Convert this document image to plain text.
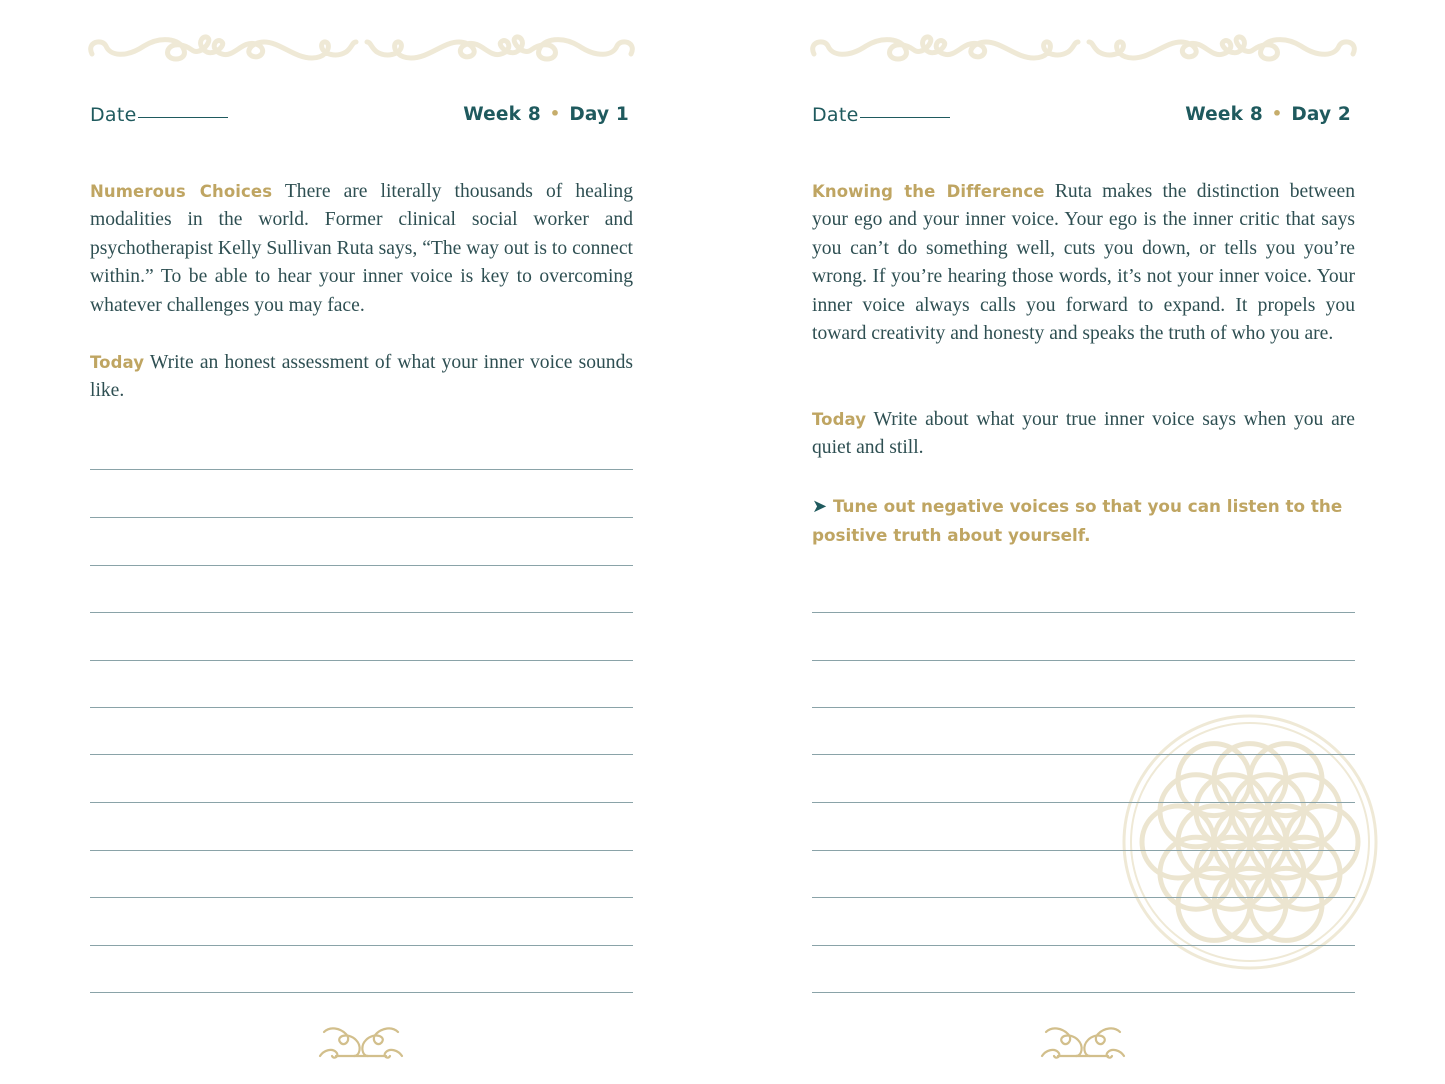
Date	Week 8 • Day 1
Numerous Choices There are literally thousands of healing modalities in the world. Former clinical social worker and psychotherapist Kelly Sullivan Ruta says, “The way out is to connect within.” To be able to hear your inner voice is key to overcoming whatever challenges you may face.
Today Write an honest assessment of what your inner voice sounds like.
Date	Week 8 • Day 2
Knowing the Difference Ruta makes the distinction between your ego and your inner voice. Your ego is the inner critic that says you can’t do something well, cuts you down, or tells you you’re wrong. If you’re hearing those words, it’s not your inner voice. Your inner voice always calls you forward to expand. It propels you toward creativity and honesty and speaks the truth of who you are.
Today Write about what your true inner voice says when you are quiet and still.
➤ Tune out negative voices so that you can listen to the positive truth about yourself.
